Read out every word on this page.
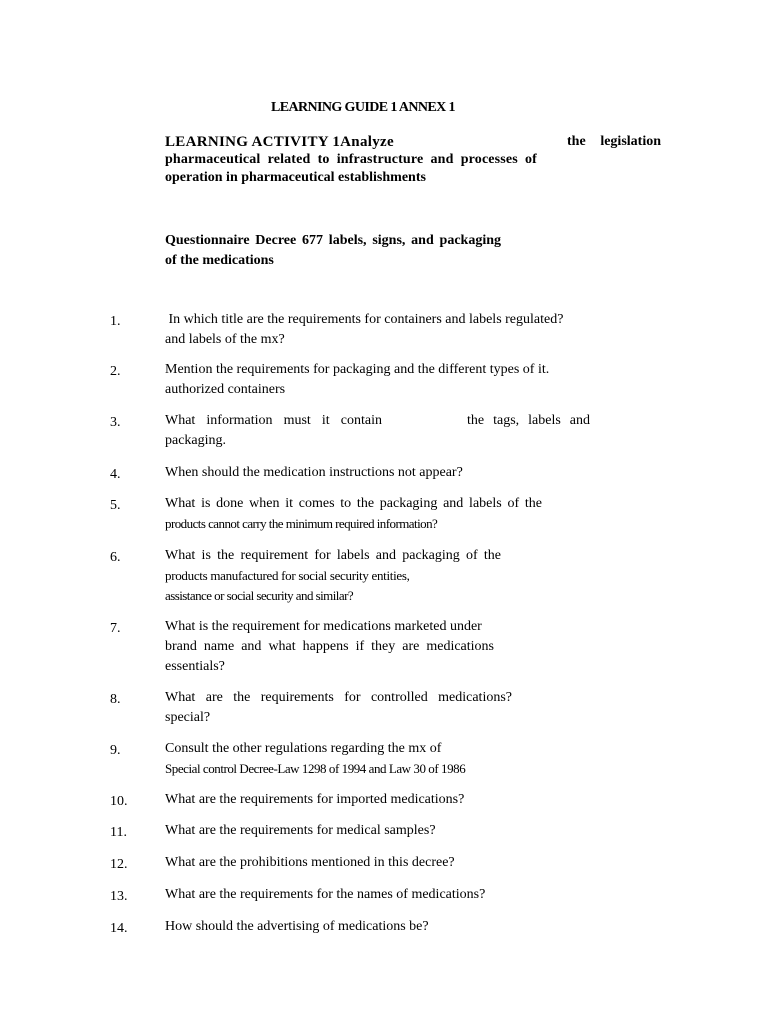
LEARNING GUIDE 1 ANNEX 1
LEARNING ACTIVITY 1Analyze	the legislation
pharmaceutical related to infrastructure and processes of
operation in pharmaceutical establishments
Questionnaire Decree 677 labels, signs, and packaging
of the medications
1.	In which title are the requirements for containers and labels regulated?
and labels of the mx?
2.	Mention the requirements for packaging and the different types of it.
authorized containers
3.	What information must it contain	the tags, labels and
packaging.
4.	When should the medication instructions not appear?
5.	What is done when it comes to the packaging and labels of the
products cannot carry the minimum required information?
6.	What is the requirement for labels and packaging of the
products manufactured for social security entities,
assistance or social security and similar?
7.	What is the requirement for medications marketed under
brand name and what happens if they are medications
essentials?
8.	What are the requirements for controlled medications?
special?
9.	Consult the other regulations regarding the mx of
Special control Decree-Law 1298 of 1994 and Law 30 of 1986
10.	What are the requirements for imported medications?
11.	What are the requirements for medical samples?
12.	What are the prohibitions mentioned in this decree?
13.	What are the requirements for the names of medications?
14.	How should the advertising of medications be?
